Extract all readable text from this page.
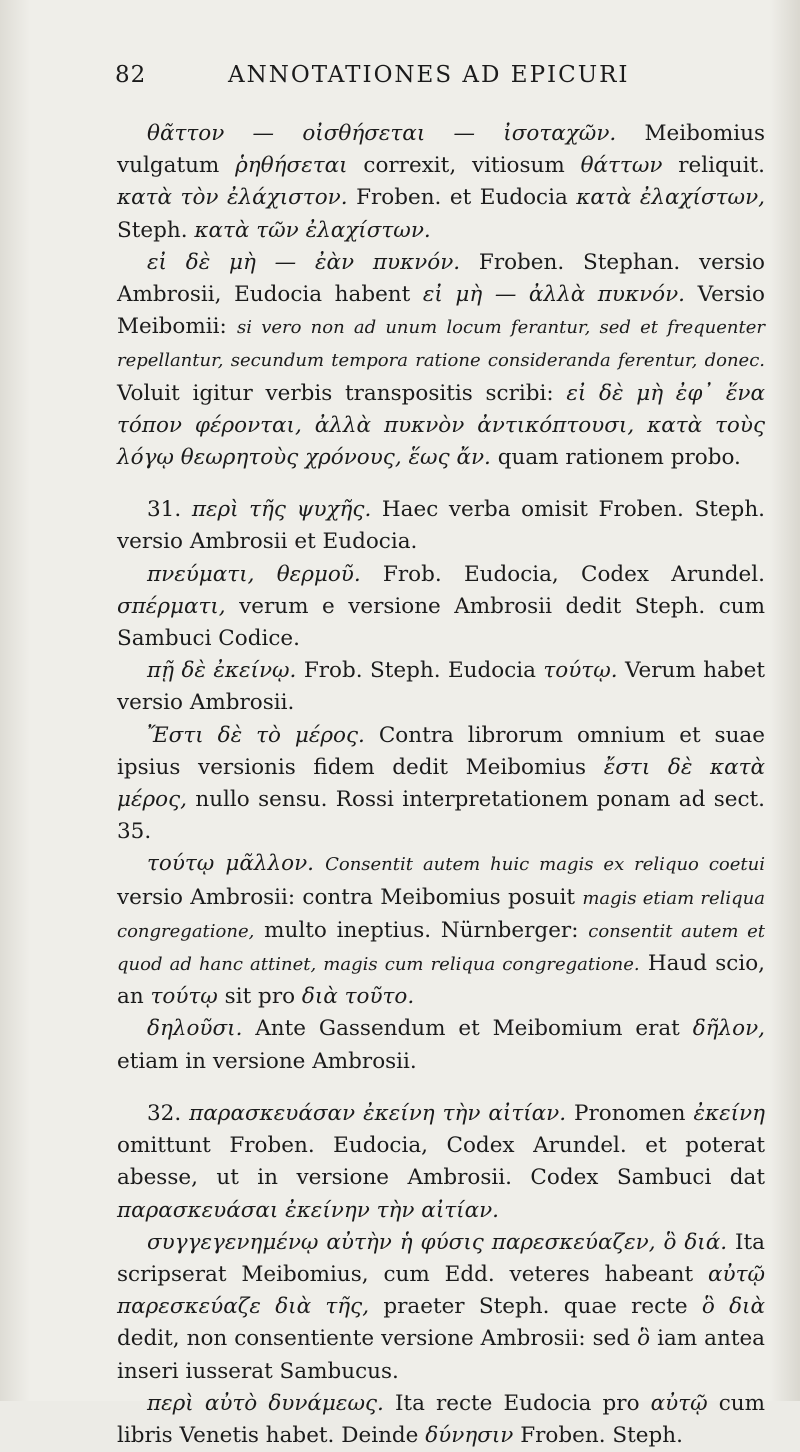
82	ANNOTATIONES AD EPICURI

θᾶττον — οἰσθήσεται — ἰσοταχῶν. Meibomius vulgatum ῥηθήσεται correxit, vitiosum θάττων reliquit. κατὰ τὸν ἐλάχιστον. Froben. et Eudocia κατὰ ἐλαχίστων, Steph. κατὰ τῶν ἐλαχίστων.

εἰ δὲ μὴ — ἐὰν πυκνόν. Froben. Stephan. versio Ambrosii, Eudocia habent εἰ μὴ — ἀλλὰ πυκνόν. Versio Meibomii: si vero non ad unum locum ferantur, sed et frequenter repellantur, secundum tempora ratione consideranda ferentur, donec. Voluit igitur verbis transpositis scribi: εἰ δὲ μὴ ἐφ᾽ ἕνα τόπον φέρονται, ἀλλὰ πυκνὸν ἀντικόπτουσι, κατὰ τοὺς λόγῳ θεωρητοὺς χρόνους, ἕως ἄν. quam rationem probo.

31. περὶ τῆς ψυχῆς. Haec verba omisit Froben. Steph. versio Ambrosii et Eudocia.

πνεύματι, θερμοῦ. Frob. Eudocia, Codex Arundel. σπέρματι, verum e versione Ambrosii dedit Steph. cum Sambuci Codice.

πῇ δὲ ἐκείνῳ. Frob. Steph. Eudocia τούτῳ. Verum habet versio Ambrosii.

Ἔστι δὲ τὸ μέρος. Contra librorum omnium et suae ipsius versionis fidem dedit Meibomius ἔστι δὲ κατὰ μέρος, nullo sensu. Rossi interpretationem ponam ad sect. 35.

τούτῳ μᾶλλον. Consentit autem huic magis ex reliquo coetui versio Ambrosii: contra Meibomius posuit magis etiam reliqua congregatione, multo ineptius. Nürnberger: consentit autem et quod ad hanc attinet, magis cum reliqua congregatione. Haud scio, an τούτῳ sit pro διὰ τοῦτο.

δηλοῦσι. Ante Gassendum et Meibomium erat δῆλον, etiam in versione Ambrosii.

32. παρασκευάσαν ἐκείνη τὴν αἰτίαν. Pronomen ἐκείνη omittunt Froben. Eudocia, Codex Arundel. et poterat abesse, ut in versione Ambrosii. Codex Sambuci dat παρασκευάσαι ἐκείνην τὴν αἰτίαν.

συγγεγενημένῳ αὐτὴν ἡ φύσις παρεσκεύαζεν, ὃ διά. Ita scripserat Meibomius, cum Edd. veteres habeant αὐτῷ παρεσκεύαζε διὰ τῆς, praeter Steph. quae recte ὃ διὰ dedit, non consentiente versione Ambrosii: sed ὃ iam antea inseri iusserat Sambucus.

περὶ αὐτὸ δυνάμεως. Ita recte Eudocia pro αὐτῷ cum libris Venetis habet. Deinde δύνησιν Froben. Steph.
